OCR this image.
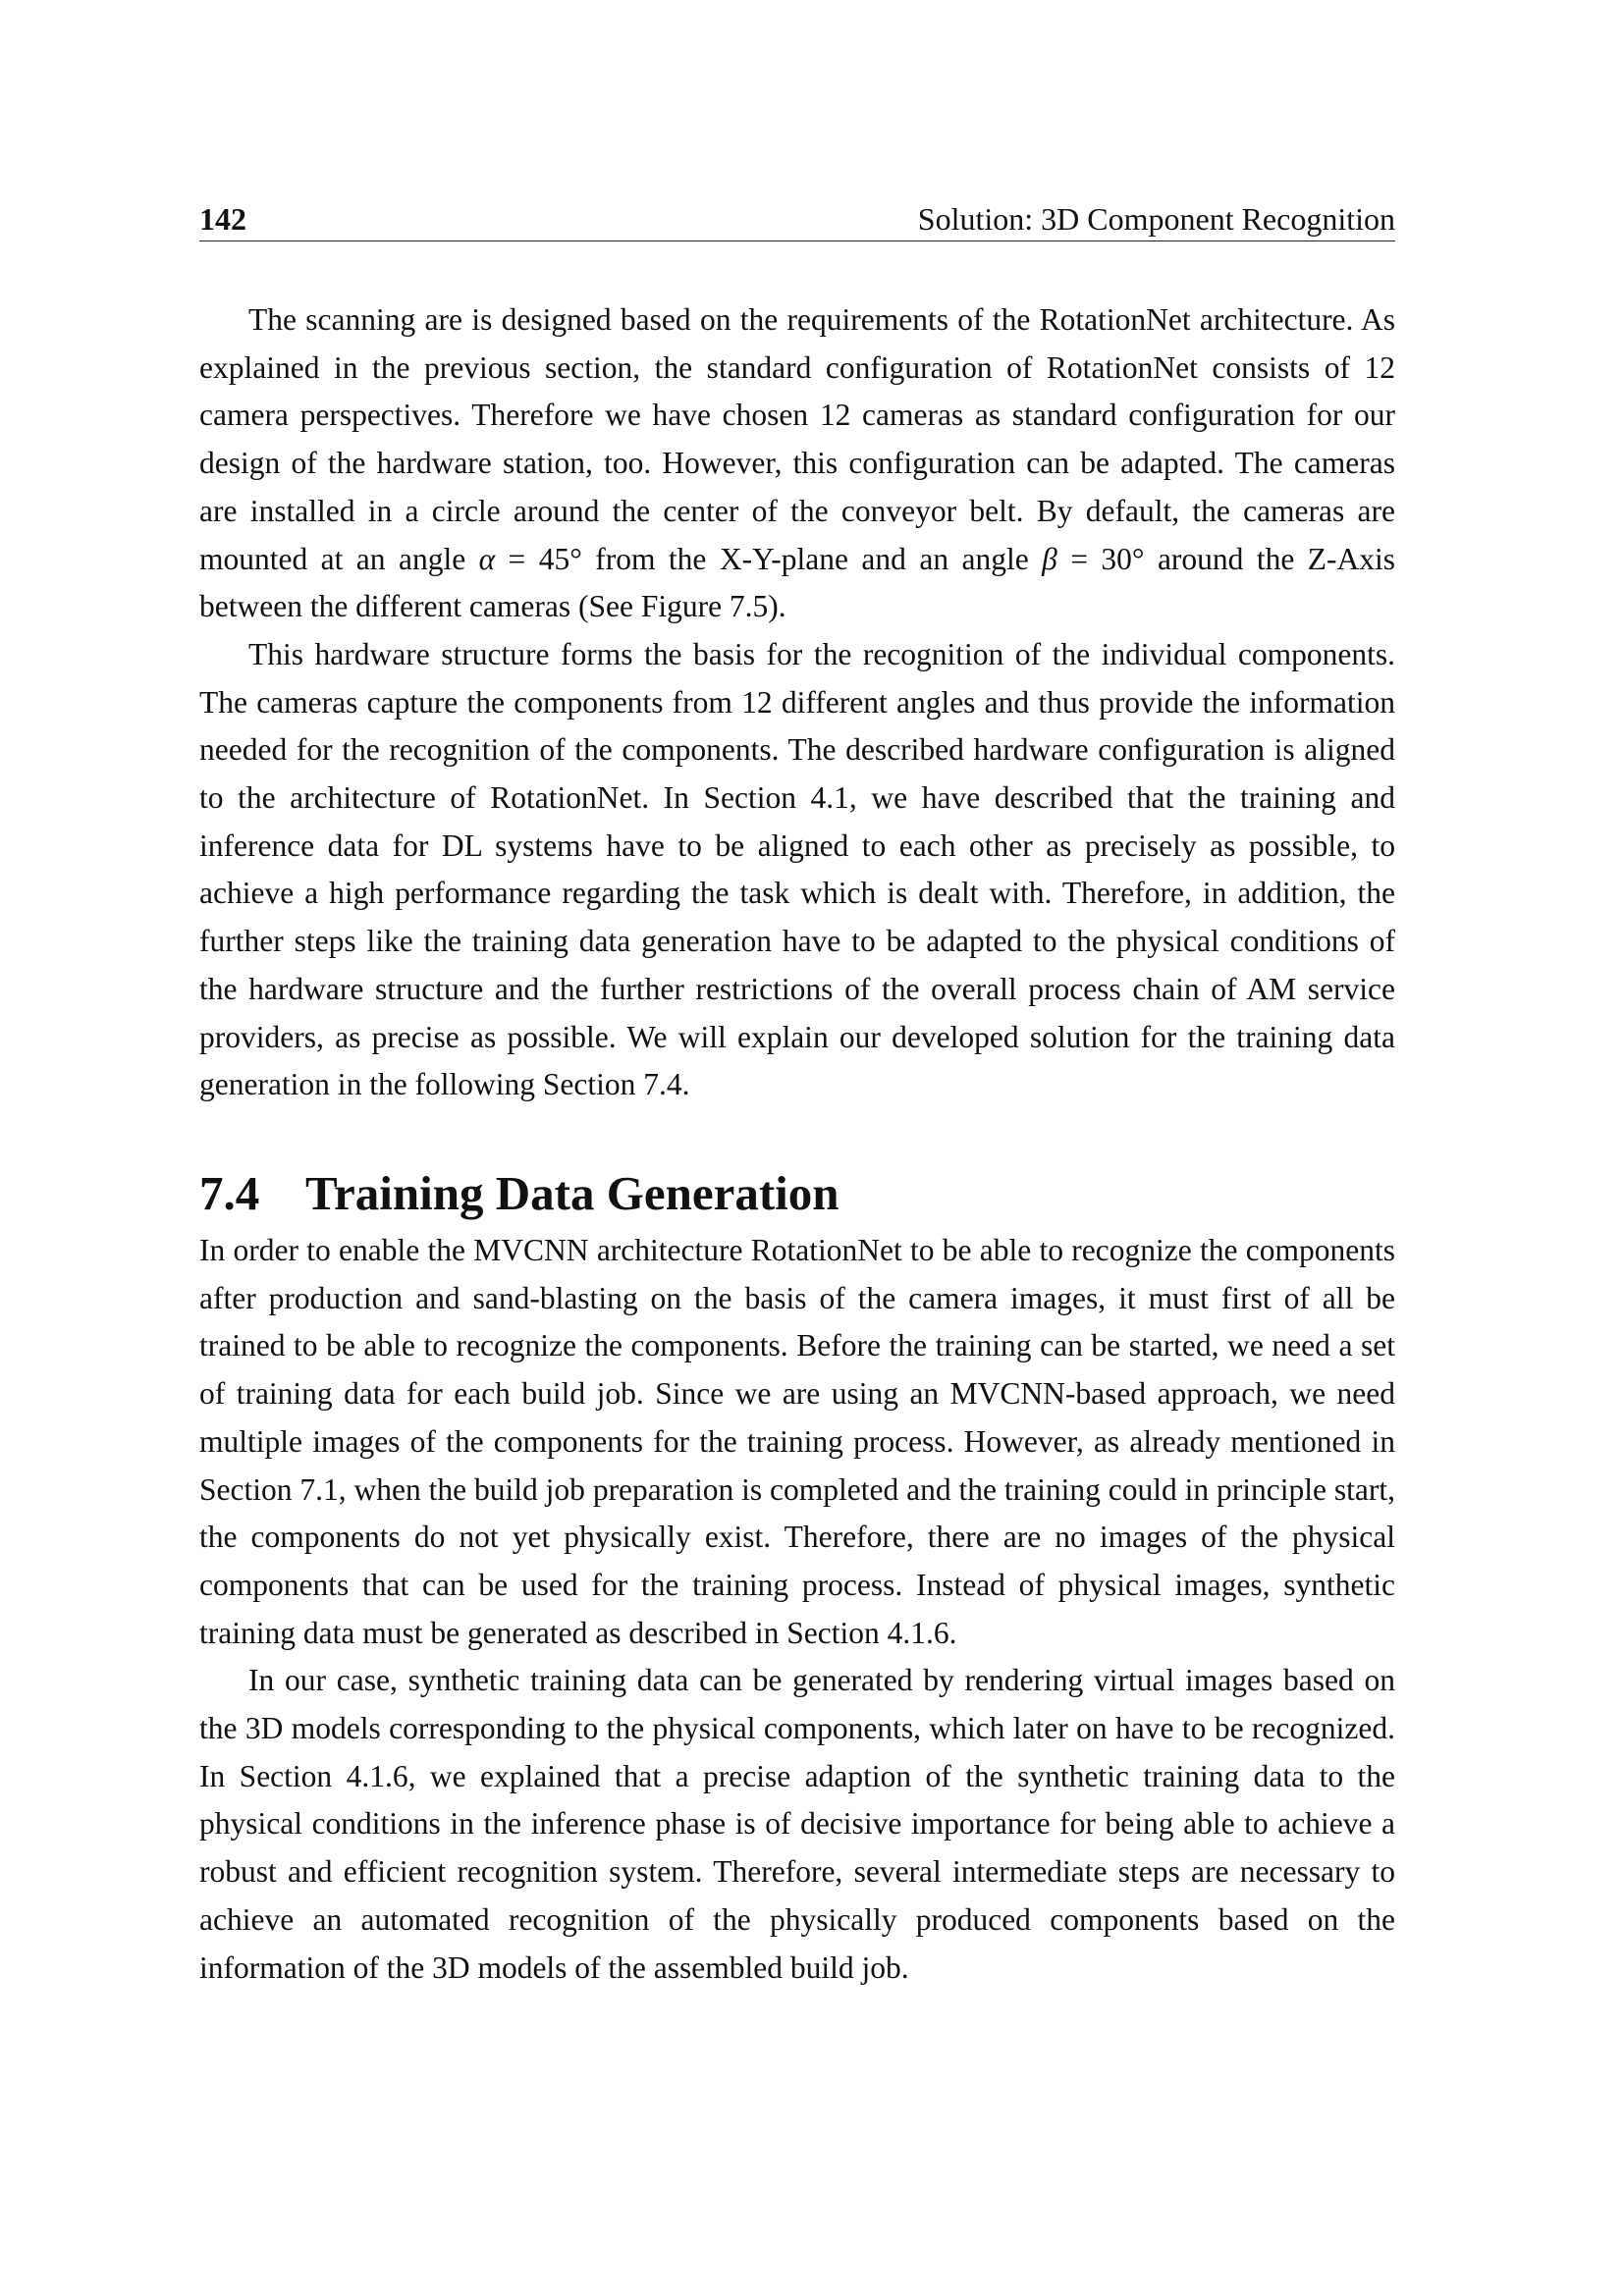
142	Solution: 3D Component Recognition

The scanning are is designed based on the requirements of the RotationNet architecture. As explained in the previous section, the standard configuration of RotationNet consists of 12 camera perspectives. Therefore we have chosen 12 cameras as standard configuration for our design of the hardware station, too. However, this configuration can be adapted. The cameras are installed in a circle around the center of the conveyor belt. By default, the cameras are mounted at an angle α = 45° from the X-Y-plane and an angle β = 30° around the Z-Axis between the different cameras (See Figure 7.5).

This hardware structure forms the basis for the recognition of the individual components. The cameras capture the components from 12 different angles and thus provide the information needed for the recognition of the components. The described hardware configuration is aligned to the architecture of RotationNet. In Section 4.1, we have described that the training and inference data for DL systems have to be aligned to each other as precisely as possible, to achieve a high performance regarding the task which is dealt with. Therefore, in addition, the further steps like the training data generation have to be adapted to the physical conditions of the hardware structure and the further restrictions of the overall process chain of AM service providers, as precise as possible. We will explain our developed solution for the training data generation in the following Section 7.4.

7.4 Training Data Generation

In order to enable the MVCNN architecture RotationNet to be able to recognize the components after production and sand-blasting on the basis of the camera images, it must first of all be trained to be able to recognize the components. Before the training can be started, we need a set of training data for each build job. Since we are using an MVCNN-based approach, we need multiple images of the components for the training process. However, as already mentioned in Section 7.1, when the build job preparation is completed and the training could in principle start, the components do not yet physically exist. Therefore, there are no images of the physical components that can be used for the training process. Instead of physical images, synthetic training data must be generated as described in Section 4.1.6.

In our case, synthetic training data can be generated by rendering virtual images based on the 3D models corresponding to the physical components, which later on have to be recognized. In Section 4.1.6, we explained that a precise adaption of the synthetic training data to the physical conditions in the inference phase is of decisive importance for being able to achieve a robust and efficient recognition system. Therefore, several intermediate steps are necessary to achieve an automated recognition of the physically produced components based on the information of the 3D models of the assembled build job.
